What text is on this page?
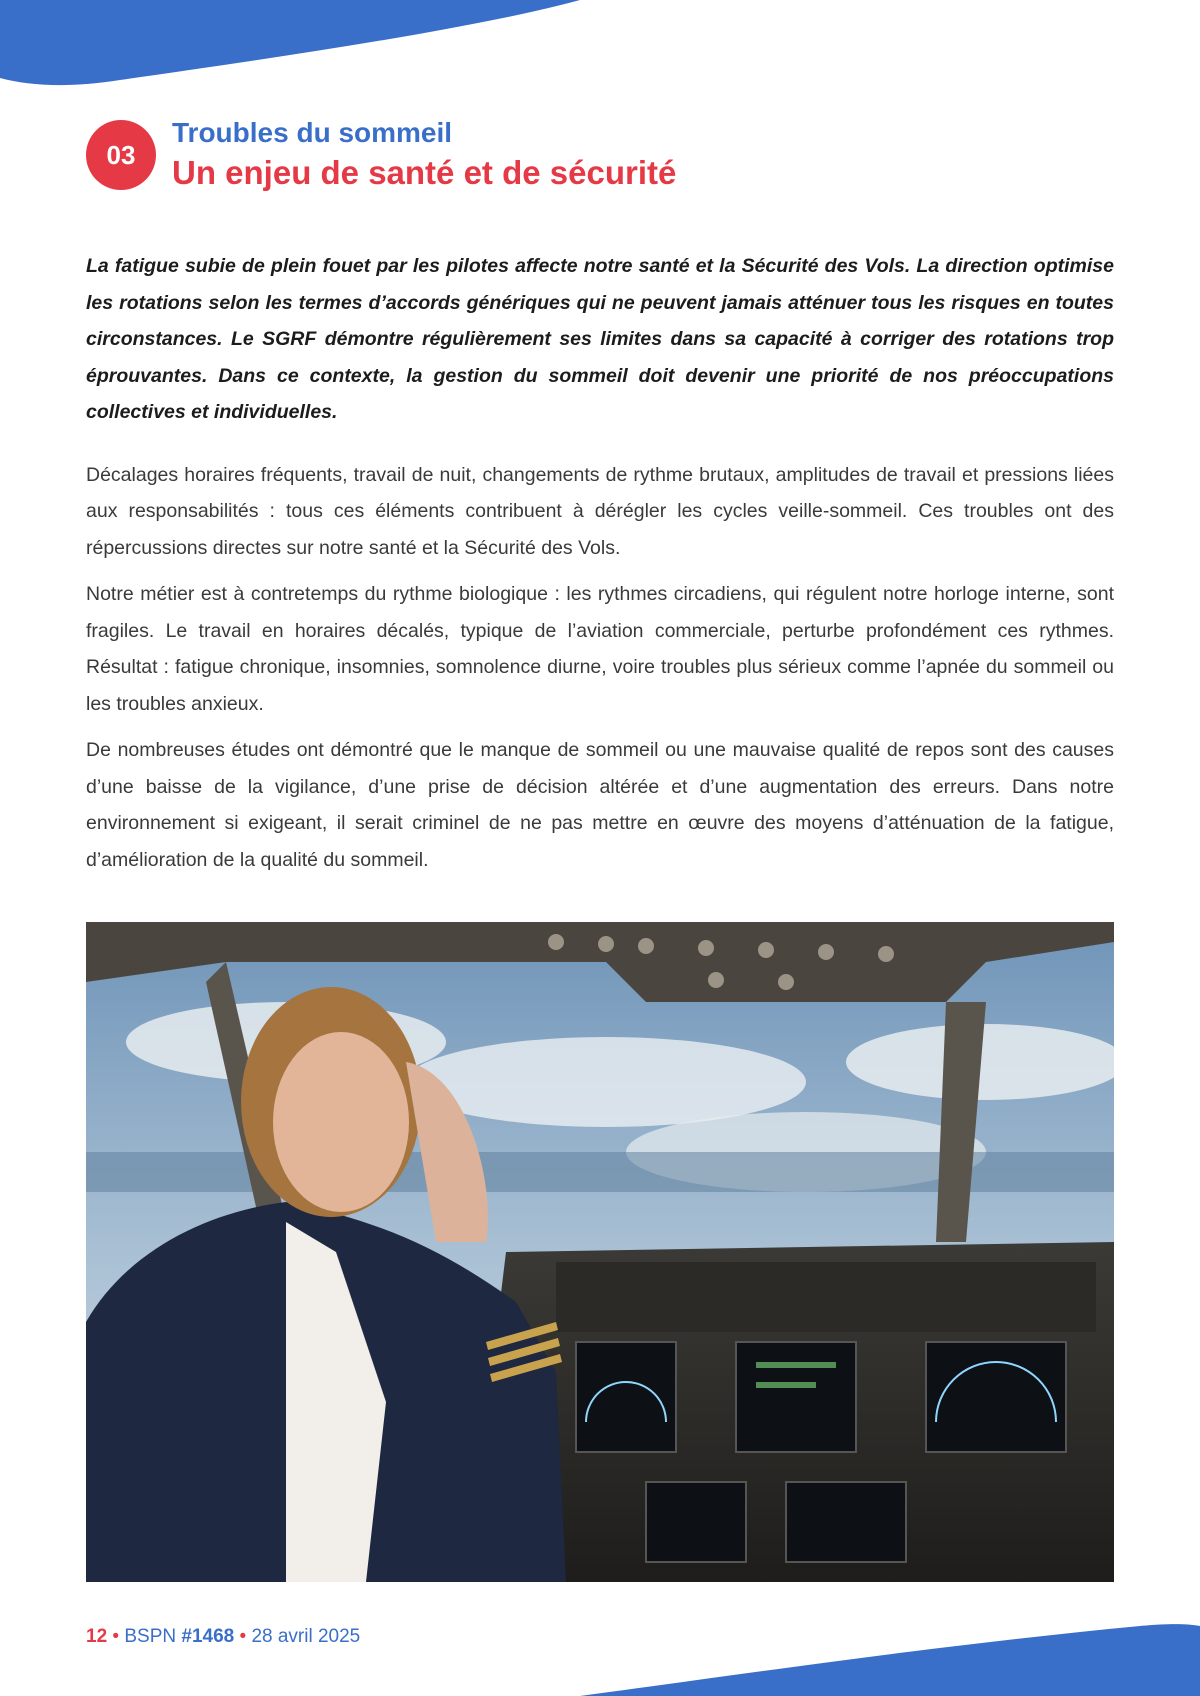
03
Troubles du sommeil
Un enjeu de santé et de sécurité

La fatigue subie de plein fouet par les pilotes affecte notre santé et la Sécurité des Vols. La direction optimise les rotations selon les termes d’accords génériques qui ne peuvent jamais atténuer tous les risques en toutes circonstances. Le SGRF démontre régulièrement ses limites dans sa capacité à corriger des rotations trop éprouvantes. Dans ce contexte, la gestion du sommeil doit devenir une priorité de nos préoccupations collectives et individuelles.

Décalages horaires fréquents, travail de nuit, changements de rythme brutaux, amplitudes de travail et pressions liées aux responsabilités : tous ces éléments contribuent à dérégler les cycles veille-sommeil. Ces troubles ont des répercussions directes sur notre santé et la Sécurité des Vols.

Notre métier est à contretemps du rythme biologique : les rythmes circadiens, qui régulent notre horloge interne, sont fragiles. Le travail en horaires décalés, typique de l’aviation commerciale, perturbe profondément ces rythmes. Résultat : fatigue chronique, insomnies, somnolence diurne, voire troubles plus sérieux comme l’apnée du sommeil ou les troubles anxieux.

De nombreuses études ont démontré que le manque de sommeil ou une mauvaise qualité de repos sont des causes d’une baisse de la vigilance, d’une prise de décision altérée et d’une augmentation des erreurs. Dans notre environnement si exigeant, il serait criminel de ne pas mettre en œuvre des moyens d’atténuation de la fatigue, d’amélioration de la qualité du sommeil.

12 • BSPN #1468 • 28 avril 2025
